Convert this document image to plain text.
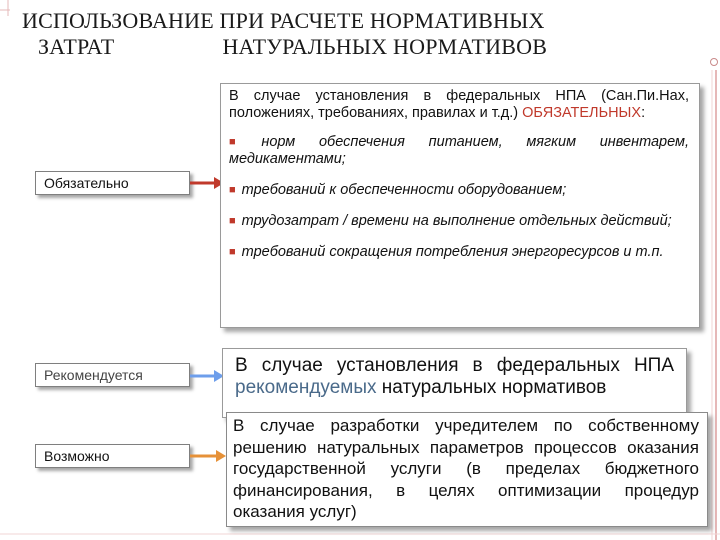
ИСПОЛЬЗОВАНИЕ ПРИ РАСЧЕТЕ НОРМАТИВНЫХ
ЗАТРАТ	НАТУРАЛЬНЫХ НОРМАТИВОВ
Обязательно
Рекомендуется
Возможно

В случае установления в федеральных НПА (Сан.Пи.Нах, положениях, требованиях, правилах и т.д.) ОБЯЗАТЕЛЬНЫХ:

■ норм обеспечения питанием, мягким инвентарем, медикаментами;

■ требований к обеспеченности оборудованием;

■ трудозатрат / времени на выполнение отдельных действий;

■ требований сокращения потребления энергоресурсов и т.п.

В случае установления в федеральных НПА рекомендуемых натуральных нормативов

В случае разработки учредителем по собственному решению натуральных параметров процессов оказания государственной услуги (в пределах бюджетного финансирования, в целях оптимизации процедур оказания услуг)
